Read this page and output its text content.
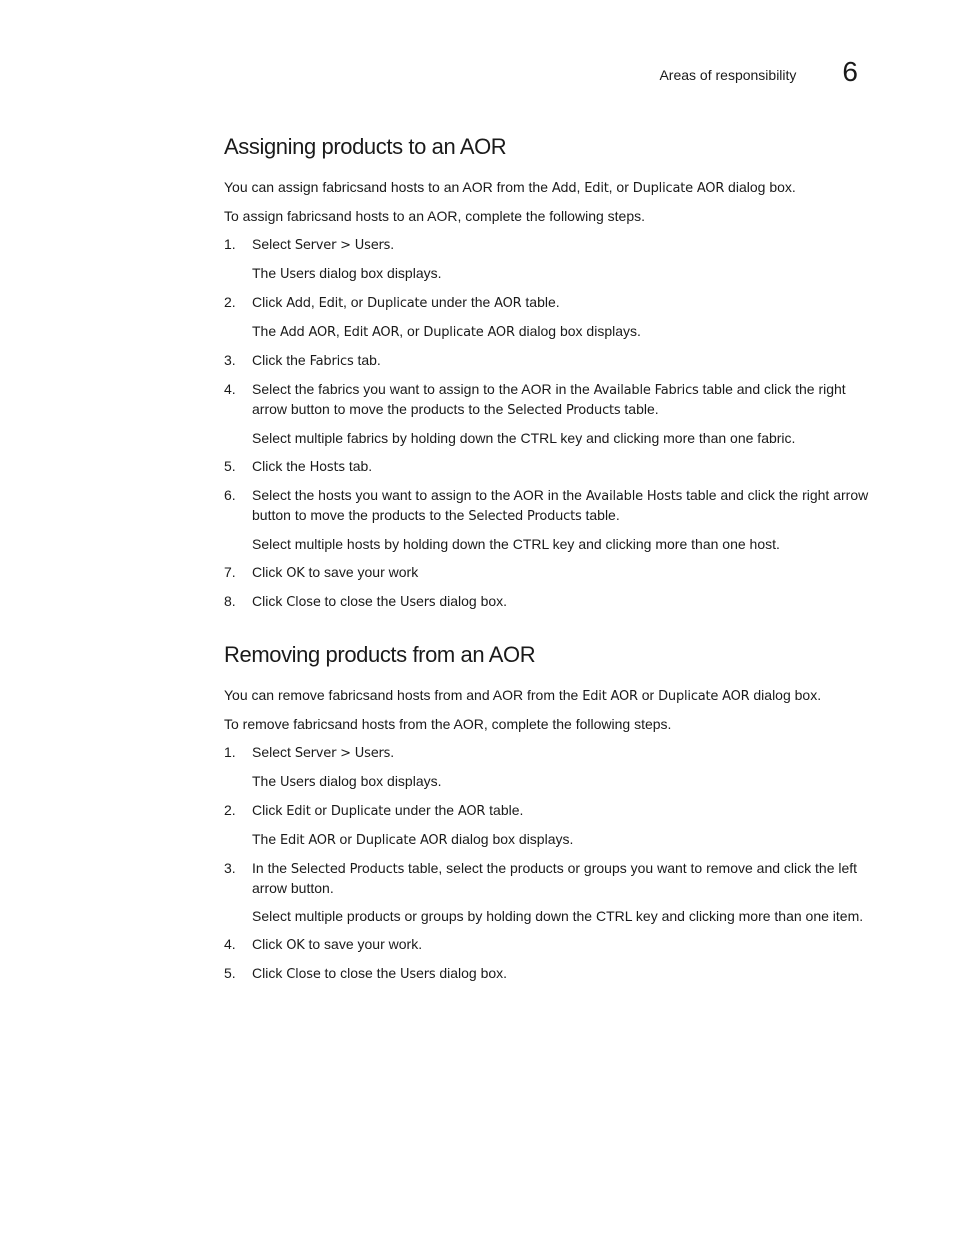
Areas of responsibility 6
Assigning products to an AOR

You can assign fabricsand hosts to an AOR from the Add, Edit, or Duplicate AOR dialog box.

To assign fabricsand hosts to an AOR, complete the following steps.

1. Select Server > Users.

The Users dialog box displays.

2. Click Add, Edit, or Duplicate under the AOR table.

The Add AOR, Edit AOR, or Duplicate AOR dialog box displays.

3. Click the Fabrics tab.
4. Select the fabrics you want to assign to the AOR in the Available Fabrics table and click the right arrow button to move the products to the Selected Products table.

Select multiple fabrics by holding down the CTRL key and clicking more than one fabric.

5. Click the Hosts tab.
6. Select the hosts you want to assign to the AOR in the Available Hosts table and click the right arrow button to move the products to the Selected Products table.

Select multiple hosts by holding down the CTRL key and clicking more than one host.

7. Click OK to save your work
8. Click Close to close the Users dialog box.
Removing products from an AOR

You can remove fabricsand hosts from and AOR from the Edit AOR or Duplicate AOR dialog box.

To remove fabricsand hosts from the AOR, complete the following steps.

1. Select Server > Users.

The Users dialog box displays.

2. Click Edit or Duplicate under the AOR table.

The Edit AOR or Duplicate AOR dialog box displays.

3. In the Selected Products table, select the products or groups you want to remove and click the left arrow button.

Select multiple products or groups by holding down the CTRL key and clicking more than one item.

4. Click OK to save your work.
5. Click Close to close the Users dialog box.
